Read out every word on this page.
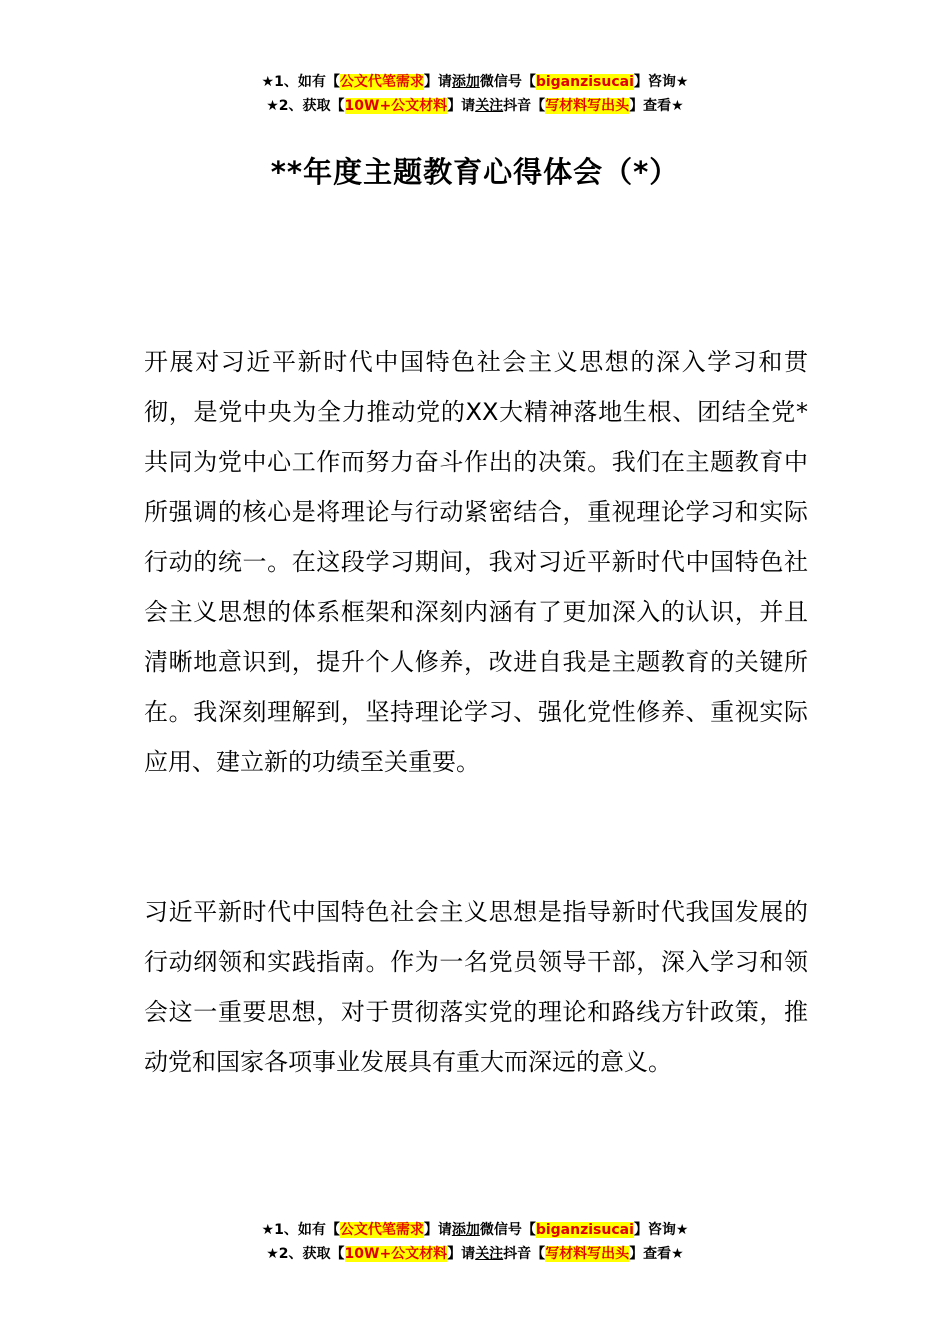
★1、如有【公文代笔需求】请添加微信号【biganzisucai】咨询★
★2、获取【10W+公文材料】请关注抖音【写材料写出头】查看★
**年度主题教育心得体会（*）

开展对习近平新时代中国特色社会主义思想的深入学习和贯彻，是党中央为全力推动党的XX大精神落地生根、团结全党*共同为党中心工作而努力奋斗作出的决策。我们在主题教育中所强调的核心是将理论与行动紧密结合，重视理论学习和实际行动的统一。在这段学习期间，我对习近平新时代中国特色社会主义思想的体系框架和深刻内涵有了更加深入的认识，并且清晰地意识到，提升个人修养，改进自我是主题教育的关键所在。我深刻理解到，坚持理论学习、强化党性修养、重视实际应用、建立新的功绩至关重要。

习近平新时代中国特色社会主义思想是指导新时代我国发展的行动纲领和实践指南。作为一名党员领导干部，深入学习和领会这一重要思想，对于贯彻落实党的理论和路线方针政策，推动党和国家各项事业发展具有重大而深远的意义。

★1、如有【公文代笔需求】请添加微信号【biganzisucai】咨询★
★2、获取【10W+公文材料】请关注抖音【写材料写出头】查看★
